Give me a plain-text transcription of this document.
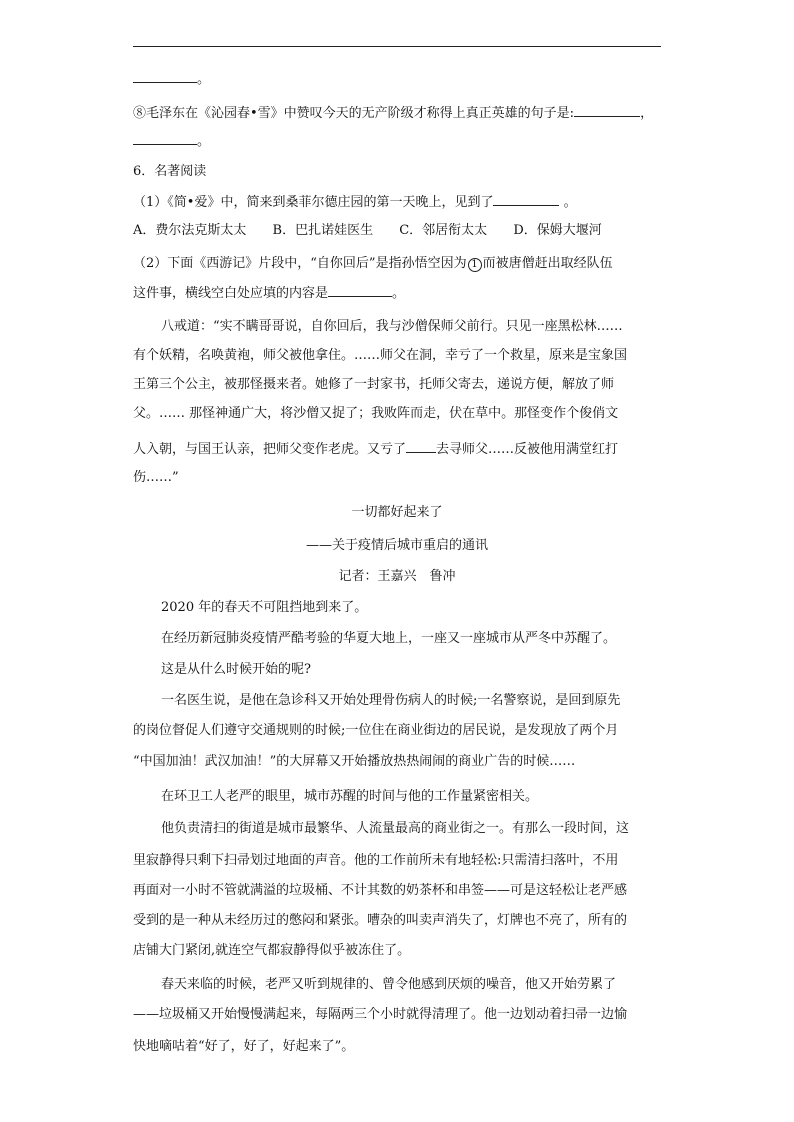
。
⑧毛泽东在《沁园春•雪》中赞叹今天的无产阶级才称得上真正英雄的句子是:	，
。
6．名著阅读
（1）《简•爱》中，简来到桑菲尔德庄园的第一天晚上，见到了	。
A．费尔法克斯太太 B．巴扎诺娃医生 C．邻居衔太太 D．保姆大堰河
（2）下面《西游记》片段中，“自你回后”是指孙悟空因为 1 而被唐僧赶出取经队伍
这件事，横线空白处应填的内容是	。
八戒道：“实不瞒哥哥说，自你回后，我与沙僧保师父前行。只见一座黑松林……
有个妖精，名唤黄袍，师父被他拿住。……师父在洞，幸亏了一个救星，原来是宝象国
王第三个公主，被那怪摄来者。她修了一封家书，托师父寄去，递说方便，解放了师
父。…… 那怪神通广大，将沙僧又捉了；我败阵而走，伏在草中。那怪变作个俊俏文
人入朝，与国王认亲，把师父变作老虎。又亏了 去寻师父……反被他用满堂红打
伤……”
一切都好起来了
——关于疫情后城市重启的通讯
记者：王嘉兴　鲁冲
2020 年的春天不可阻挡地到来了。
在经历新冠肺炎疫情严酷考验的华夏大地上，一座又一座城市从严冬中苏醒了。
这是从什么时候开始的呢?
一名医生说，是他在急诊科又开始处理骨伤病人的时候;一名警察说，是回到原先
的岗位督促人们遵守交通规则的时候;一位住在商业街边的居民说，是发现放了两个月
“中国加油！武汉加油！”的大屏幕又开始播放热热闹闹的商业广告的时候……
在环卫工人老严的眼里，城市苏醒的时间与他的工作量紧密相关。
他负责清扫的街道是城市最繁华、人流量最高的商业街之一。有那么一段时间，这
里寂静得只剩下扫帚划过地面的声音。他的工作前所未有地轻松:只需清扫落叶，不用
再面对一小时不管就满溢的垃圾桶、不计其数的奶茶杯和串签——可是这轻松让老严感
受到的是一种从未经历过的憋闷和紧张。嘈杂的叫卖声消失了，灯牌也不亮了，所有的
店铺大门紧闭,就连空气都寂静得似乎被冻住了。
春天来临的时候，老严又听到规律的、曾令他感到厌烦的噪音，他又开始劳累了
——垃圾桶又开始慢慢满起来，每隔两三个小时就得清理了。他一边划动着扫帚一边愉
快地嘀咕着“好了，好了，好起来了”。
